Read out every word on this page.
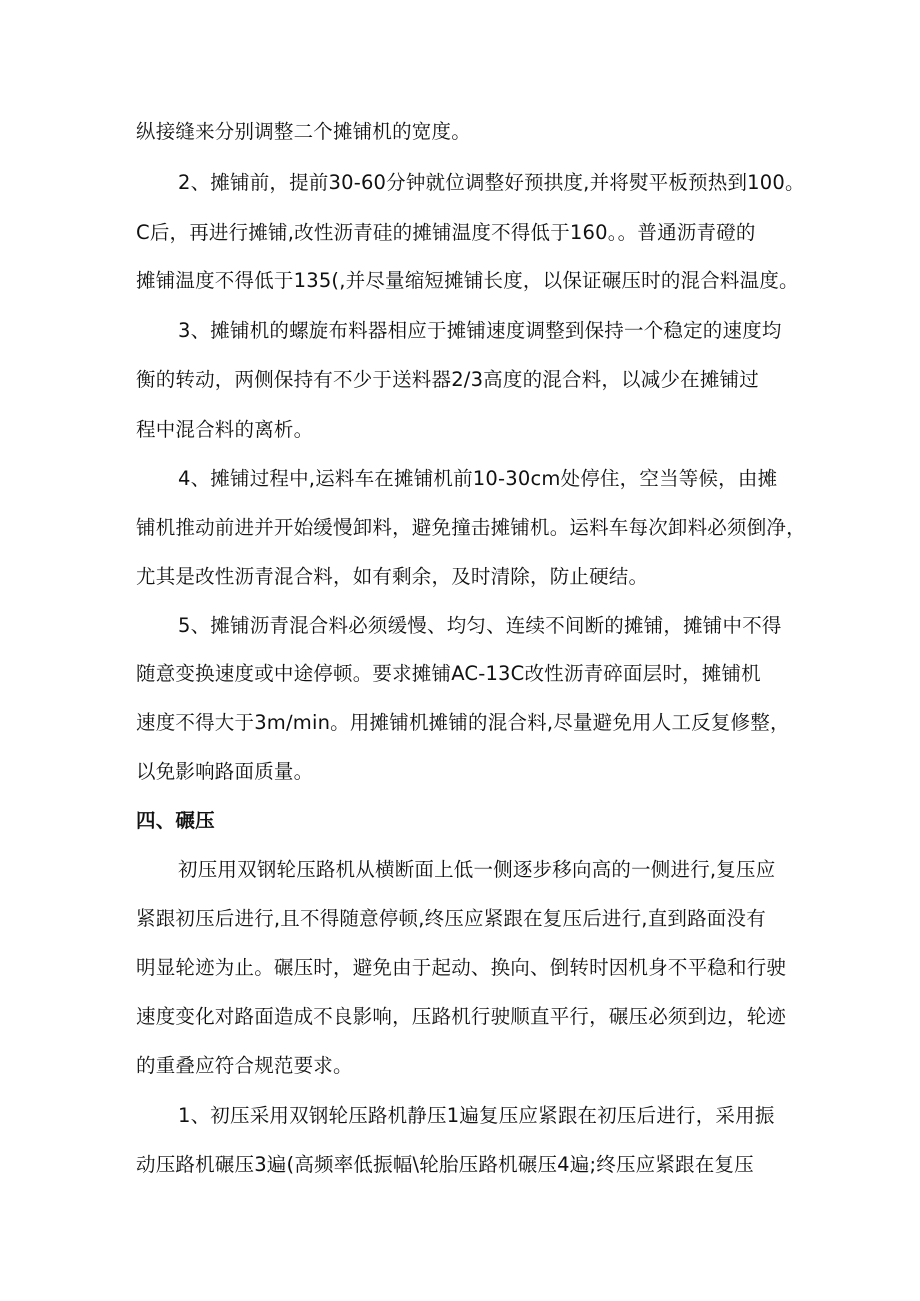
纵接缝来分别调整二个摊铺机的宽度。
2、摊铺前，提前30-60分钟就位调整好预拱度,并将熨平板预热到100。
C后，再进行摊铺,改性沥青硅的摊铺温度不得低于160。。普通沥青磴的
摊铺温度不得低于135(,并尽量缩短摊铺长度，以保证碾压时的混合料温度。
3、摊铺机的螺旋布料器相应于摊铺速度调整到保持一个稳定的速度均
衡的转动，两侧保持有不少于送料器2/3高度的混合料，以减少在摊铺过
程中混合料的离析。
4、摊铺过程中,运料车在摊铺机前10-30cm处停住，空当等候，由摊
铺机推动前进并开始缓慢卸料，避免撞击摊铺机。运料车每次卸料必须倒净，
尤其是改性沥青混合料，如有剩余，及时清除，防止硬结。
5、摊铺沥青混合料必须缓慢、均匀、连续不间断的摊铺，摊铺中不得
随意变换速度或中途停顿。要求摊铺AC-13C改性沥青碎面层时，摊铺机
速度不得大于3m∕min。用摊铺机摊铺的混合料,尽量避免用人工反复修整，
以免影响路面质量。
四、碾压
初压用双钢轮压路机从横断面上低一侧逐步移向高的一侧进行,复压应
紧跟初压后进行,且不得随意停顿,终压应紧跟在复压后进行,直到路面没有
明显轮迹为止。碾压时，避免由于起动、换向、倒转时因机身不平稳和行驶
速度变化对路面造成不良影响，压路机行驶顺直平行，碾压必须到边，轮迹
的重叠应符合规范要求。
1、初压采用双钢轮压路机静压1遍复压应紧跟在初压后进行，采用振
动压路机碾压3遍(高频率低振幅\轮胎压路机碾压4遍;终压应紧跟在复压
